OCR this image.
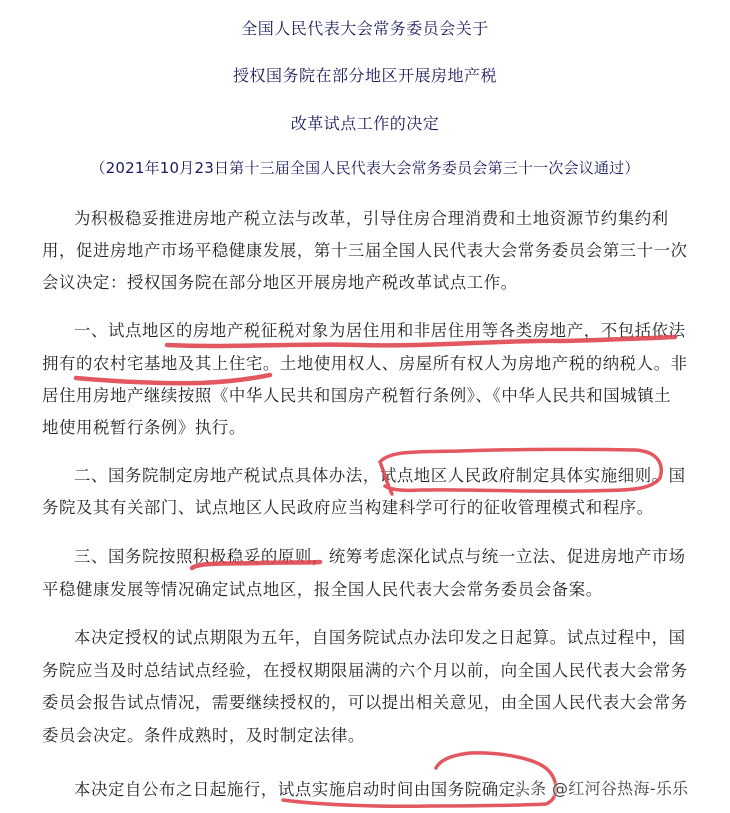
全国人民代表大会常务委员会关于
授权国务院在部分地区开展房地产税
改革试点工作的决定
（2021年10月23日第十三届全国人民代表大会常务委员会第三十一次会议通过）
为积极稳妥推进房地产税立法与改革，引导住房合理消费和土地资源节约集约利
用，促进房地产市场平稳健康发展，第十三届全国人民代表大会常务委员会第三十一次
会议决定：授权国务院在部分地区开展房地产税改革试点工作。
一、试点地区的房地产税征税对象为居住用和非居住用等各类房地产，不包括依法
拥有的农村宅基地及其上住宅。土地使用权人、房屋所有权人为房地产税的纳税人。非
居住用房地产继续按照《中华人民共和国房产税暂行条例》、《中华人民共和国城镇土
地使用税暂行条例》执行。
二、国务院制定房地产税试点具体办法，试点地区人民政府制定具体实施细则。国
务院及其有关部门、试点地区人民政府应当构建科学可行的征收管理模式和程序。
三、国务院按照积极稳妥的原则，统筹考虑深化试点与统一立法、促进房地产市场
平稳健康发展等情况确定试点地区，报全国人民代表大会常务委员会备案。
本决定授权的试点期限为五年，自国务院试点办法印发之日起算。试点过程中，国
务院应当及时总结试点经验，在授权期限届满的六个月以前，向全国人民代表大会常务
委员会报告试点情况，需要继续授权的，可以提出相关意见，由全国人民代表大会常务
委员会决定。条件成熟时，及时制定法律。
本决定自公布之日起施行，试点实施启动时间由国务院确定。
头条 @红河谷热海-乐乐
